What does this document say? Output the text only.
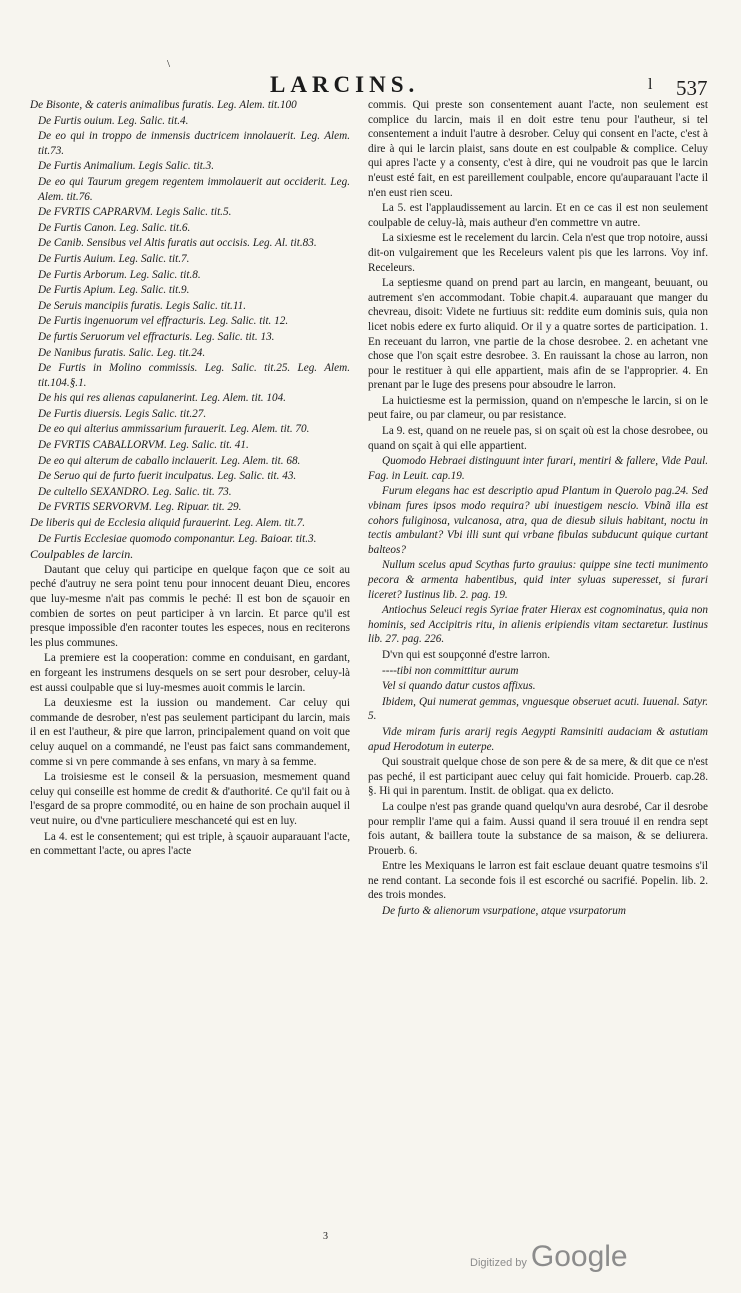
\
LARCINS.	l 537

De Bisonte, & cateris animalibus furatis. Leg. Alem. tit.100

De Furtis ouium. Leg. Salic. tit.4.

De eo qui in troppo de inmensis ductricem innolauerit. Leg. Alem. tit.73.

De Furtis Animalium. Legis Salic. tit.3.

De eo qui Taurum gregem regentem immolauerit aut occiderit. Leg. Alem. tit.76.

De FVRTIS CAPRARVM. Legis Salic. tit.5.

De Furtis Canon. Leg. Salic. tit.6.

De Canib. Sensibus vel Altis furatis aut occisis. Leg. Al. tit.83.

De Furtis Auium. Leg. Salic. tit.7.

De Furtis Arborum. Leg. Salic. tit.8.

De Furtis Apium. Leg. Salic. tit.9.

De Seruis mancipiis furatis. Legis Salic. tit.11.

De Furtis ingenuorum vel effracturis. Leg. Salic. tit. 12.

De furtis Seruorum vel effracturis. Leg. Salic. tit. 13.

De Nanibus furatis. Salic. Leg. tit.24.

De Furtis in Molino commissis. Leg. Salic. tit.25. Leg. Alem. tit.104.§.1.

De his qui res alienas capulanerint. Leg. Alem. tit. 104.

De Furtis diuersis. Legis Salic. tit.27.

De eo qui alterius ammissarium furauerit. Leg. Alem. tit. 70.

De FVRTIS CABALLORVM. Leg. Salic. tit. 41.

De eo qui alterum de caballo inclauerit. Leg. Alem. tit. 68.

De Seruo qui de furto fuerit inculpatus. Leg. Salic. tit. 43.

De cultello SEXANDRO. Leg. Salic. tit. 73.

De FVRTIS SERVORVM. Leg. Ripuar. tit. 29.

De liberis qui de Ecclesia aliquid furauerint. Leg. Alem. tit.7.

De Furtis Ecclesiae quomodo componantur. Leg. Baioar. tit.3.

Coulpables de larcin.

Dautant que celuy qui participe en quelque façon que ce soit au peché d'autruy ne sera point tenu pour innocent deuant Dieu, encores que luy-mesme n'ait pas commis le peché: Il est bon de sçauoir en combien de sortes on peut participer à vn larcin. Et parce qu'il est presque impossible d'en raconter toutes les especes, nous en reciterons les plus communes.

La premiere est la cooperation: comme en conduisant, en gardant, en forgeant les instrumens desquels on se sert pour desrober, celuy-là est aussi coulpable que si luy-mesmes auoit commis le larcin.

La deuxiesme est la iussion ou mandement. Car celuy qui commande de desrober, n'est pas seulement participant du larcin, mais il en est l'autheur, & pire que larron, principalement quand on voit que celuy auquel on a commandé, ne l'eust pas faict sans commandement, comme si vn pere commande à ses enfans, vn mary à sa femme.

La troisiesme est le conseil & la persuasion, mesmement quand celuy qui conseille est homme de credit & d'authorité. Ce qu'il fait ou à l'esgard de sa propre commodité, ou en haine de son prochain auquel il veut nuire, ou d'vne particuliere meschanceté qui est en luy.

La 4. est le consentement; qui est triple, à sçauoir auparauant l'acte, en commettant l'acte, ou apres l'acte

commis. Qui preste son consentement auant l'acte, non seulement est complice du larcin, mais il en doit estre tenu pour l'autheur, si tel consentement a induit l'autre à desrober. Celuy qui consent en l'acte, c'est à dire à qui le larcin plaist, sans doute en est coulpable & complice. Celuy qui apres l'acte y a consenty, c'est à dire, qui ne voudroit pas que le larcin n'eust esté fait, en est pareillement coulpable, encore qu'auparauant l'acte il n'en eust rien sceu.

La 5. est l'applaudissement au larcin. Et en ce cas il est non seulement coulpable de celuy-là, mais autheur d'en commettre vn autre.

La sixiesme est le recelement du larcin. Cela n'est que trop notoire, aussi dit-on vulgairement que les Receleurs valent pis que les larrons. Voy inf. Receleurs.

La septiesme quand on prend part au larcin, en mangeant, beuuant, ou autrement s'en accommodant. Tobie chapit.4. auparauant que manger du chevreau, disoit: Videte ne furtiuus sit: reddite eum dominis suis, quia non licet nobis edere ex furto aliquid. Or il y a quatre sortes de participation. 1. En receuant du larron, vne partie de la chose desrobee. 2. en achetant vne chose que l'on sçait estre desrobee. 3. En rauissant la chose au larron, non pour le restituer à qui elle appartient, mais afin de se l'approprier. 4. En prenant par le Iuge des presens pour absoudre le larron.

La huictiesme est la permission, quand on n'empesche le larcin, si on le peut faire, ou par clameur, ou par resistance.

La 9. est, quand on ne reuele pas, si on sçait où est la chose desrobee, ou quand on sçait à qui elle appartient.

Quomodo Hebraei distinguunt inter furari, mentiri & fallere, Vide Paul. Fag. in Leuit. cap.19.

Furum elegans hac est descriptio apud Plantum in Querolo pag.24. Sed vbinam fures ipsos modo requira? ubi inuestigem nescio. Vbinã illa est cohors fuliginosa, vulcanosa, atra, qua de diesub siluis habitant, noctu in tectis ambulant? Vbi illi sunt qui vrbane fibulas subducunt quique curtant balteos?

Nullum scelus apud Scythas furto grauius: quippe sine tecti munimento pecora & armenta habentibus, quid inter syluas superesset, si furari liceret? Iustinus lib. 2. pag. 19.

Antiochus Seleuci regis Syriae frater Hierax est cognominatus, quia non hominis, sed Accipitris ritu, in alienis eripiendis vitam sectaretur. Iustinus lib. 27. pag. 226.

D'vn qui est soupçonné d'estre larron.

----tibi non committitur aurum

Vel si quando datur custos affixus.

Ibidem, Qui numerat gemmas, vnguesque obseruet acuti. Iuuenal. Satyr. 5.

Vide miram furis ararij regis Aegypti Ramsiniti audaciam & astutiam apud Herodotum in euterpe.

Qui soustrait quelque chose de son pere & de sa mere, & dit que ce n'est pas peché, il est participant auec celuy qui fait homicide. Prouerb. cap.28. §. Hi qui in parentum. Instit. de obligat. qua ex delicto.

La coulpe n'est pas grande quand quelqu'vn aura desrobé, Car il desrobe pour remplir l'ame qui a faim. Aussi quand il sera trouué il en rendra sept fois autant, & baillera toute la substance de sa maison, & se deliurera. Prouerb. 6.

Entre les Mexiquans le larron est fait esclaue deuant quatre tesmoins s'il ne rend contant. La seconde fois il est escorché ou sacrifié. Popelin. lib. 2. des trois mondes.

De furto & alienorum vsurpatione, atque vsurpatorum

3
Digitized by Google
